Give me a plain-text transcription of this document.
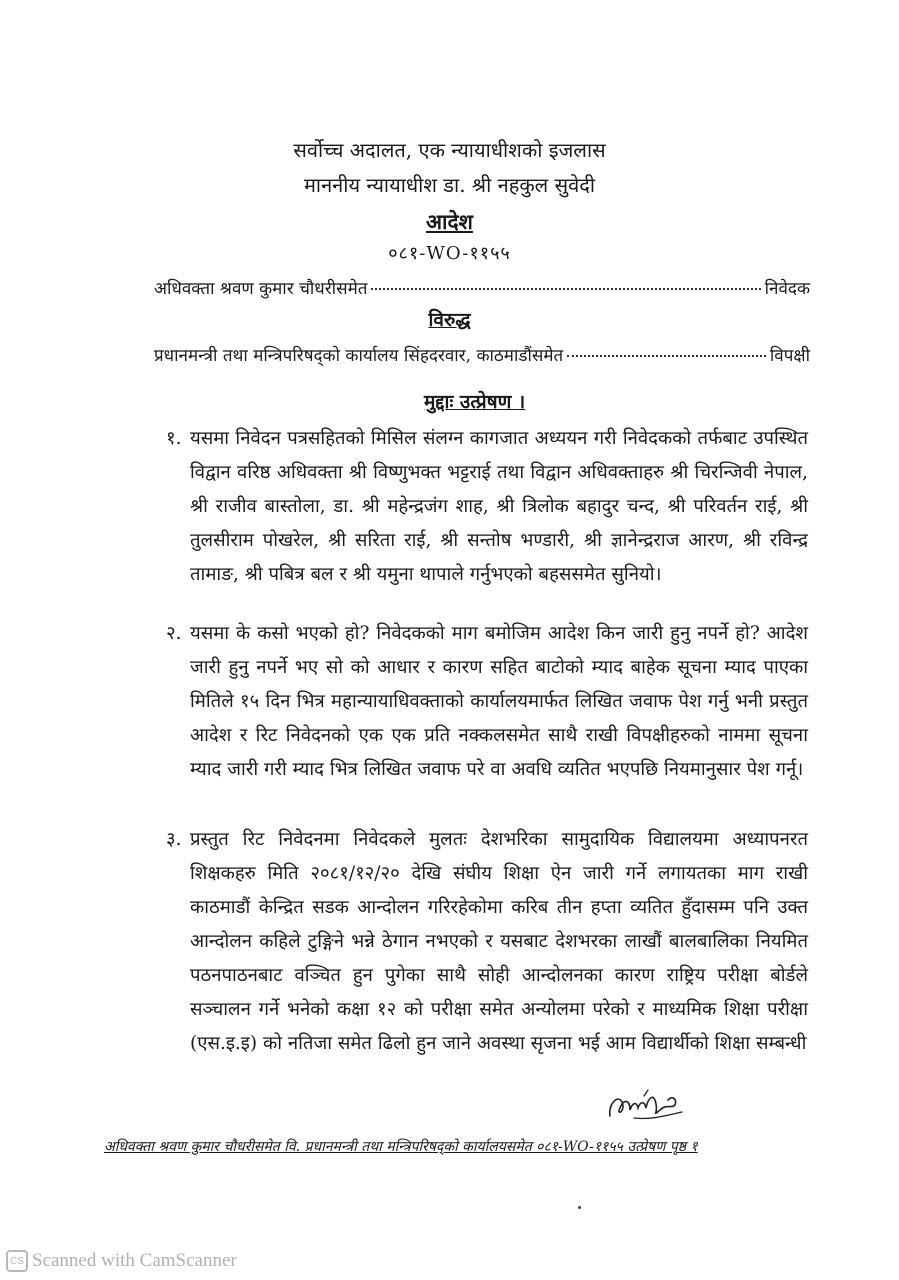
सर्वोच्च अदालत, एक न्यायाधीशको इजलास
माननीय न्यायाधीश डा. श्री नहकुल सुवेदी
आदेश
०८१-WO-११५५
अधिवक्ता श्रवण कुमार चौधरीसमेत	निवेदक
विरुद्ध
प्रधानमन्त्री तथा मन्त्रिपरिषद्को कार्यालय सिंहदरवार, काठमाडौंसमेत	विपक्षी
मुद्दाः उत्प्रेषण ।
१. यसमा निवेदन पत्रसहितको मिसिल संलग्न कागजात अध्ययन गरी निवेदकको तर्फबाट उपस्थित विद्वान वरिष्ठ अधिवक्ता श्री विष्णुभक्त भट्टराई तथा विद्वान अधिवक्ताहरु श्री चिरन्जिवी नेपाल, श्री राजीव बास्तोला, डा. श्री महेन्द्रजंग शाह, श्री त्रिलोक बहादुर चन्द, श्री परिवर्तन राई, श्री तुलसीराम पोखरेल, श्री सरिता राई, श्री सन्तोष भण्डारी, श्री ज्ञानेन्द्रराज आरण, श्री रविन्द्र तामाङ, श्री पबित्र बल र श्री यमुना थापाले गर्नुभएको बहससमेत सुनियो।
२. यसमा के कसो भएको हो? निवेदकको माग बमोजिम आदेश किन जारी हुनु नपर्ने हो? आदेश जारी हुनु नपर्ने भए सो को आधार र कारण सहित बाटोको म्याद बाहेक सूचना म्याद पाएका मितिले १५ दिन भित्र महान्यायाधिवक्ताको कार्यालयमार्फत लिखित जवाफ पेश गर्नु भनी प्रस्तुत आदेश र रिट निवेदनको एक एक प्रति नक्कलसमेत साथै राखी विपक्षीहरुको नाममा सूचना म्याद जारी गरी म्याद भित्र लिखित जवाफ परे वा अवधि व्यतित भएपछि नियमानुसार पेश गर्नू।
३. प्रस्तुत रिट निवेदनमा निवेदकले मुलतः देशभरिका सामुदायिक विद्यालयमा अध्यापनरत शिक्षकहरु मिति २०८१/१२/२० देखि संघीय शिक्षा ऐन जारी गर्ने लगायतका माग राखी काठमाडौं केन्द्रित सडक आन्दोलन गरिरहेकोमा करिब तीन हप्ता व्यतित हुँदासम्म पनि उक्त आन्दोलन कहिले टुङ्गिने भन्ने ठेगान नभएको र यसबाट देशभरका लाखौं बालबालिका नियमित पठनपाठनबाट वञ्चित हुन पुगेका साथै सोही आन्दोलनका कारण राष्ट्रिय परीक्षा बोर्डले सञ्चालन गर्ने भनेको कक्षा १२ को परीक्षा समेत अन्योलमा परेको र माध्यमिक शिक्षा परीक्षा (एस.इ.इ) को नतिजा समेत ढिलो हुन जाने अवस्था सृजना भई आम विद्यार्थीको शिक्षा सम्बन्धी
अधिवक्ता श्रवण कुमार चौधरीसमेत वि. प्रधानमन्त्री तथा मन्त्रिपरिषद्को कार्यालयसमेत ०८१-WO-११५५ उत्प्रेषण पृष्ठ १
CS Scanned with CamScanner
